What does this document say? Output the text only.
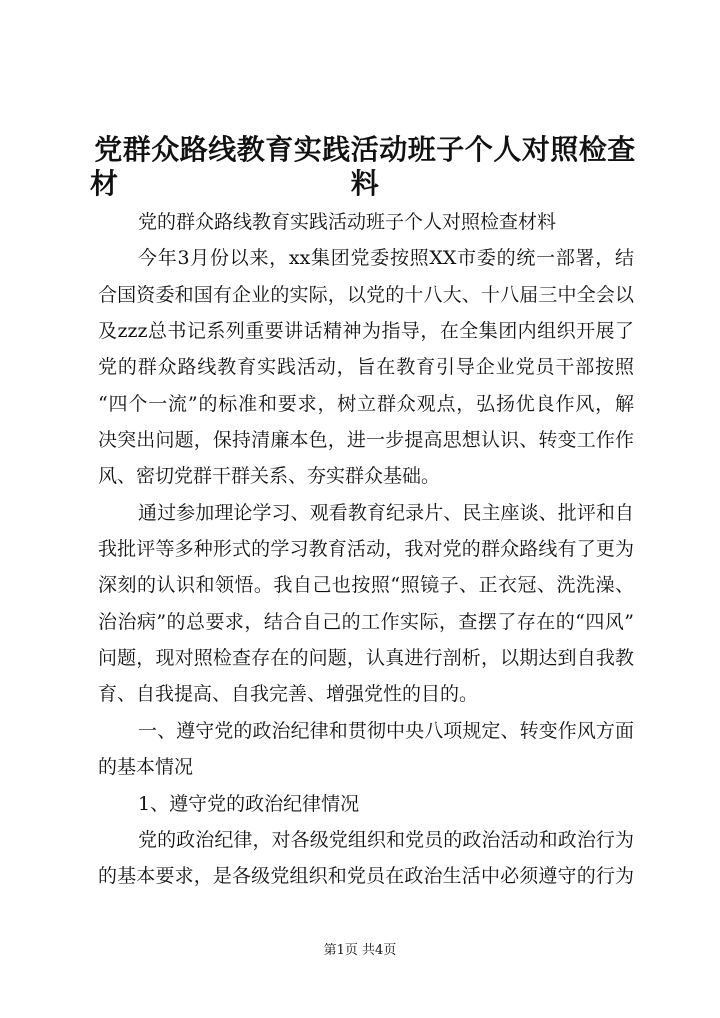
党群众路线教育实践活动班子个人对照检查材	料
党的群众路线教育实践活动班子个人对照检查材料
今年3月份以来，xx集团党委按照XX市委的统一部署，结
合国资委和国有企业的实际，以党的十八大、十八届三中全会以
及zzz总书记系列重要讲话精神为指导，在全集团内组织开展了
党的群众路线教育实践活动，旨在教育引导企业党员干部按照
“四个一流”的标准和要求，树立群众观点，弘扬优良作风，解
决突出问题，保持清廉本色，进一步提高思想认识、转变工作作
风、密切党群干群关系、夯实群众基础。
通过参加理论学习、观看教育纪录片、民主座谈、批评和自
我批评等多种形式的学习教育活动，我对党的群众路线有了更为
深刻的认识和领悟。我自己也按照“照镜子、正衣冠、洗洗澡、
治治病”的总要求，结合自己的工作实际，查摆了存在的“四风”
问题，现对照检查存在的问题，认真进行剖析，以期达到自我教
育、自我提高、自我完善、增强党性的目的。
一、遵守党的政治纪律和贯彻中央八项规定、转变作风方面
的基本情况
1、遵守党的政治纪律情况
党的政治纪律，对各级党组织和党员的政治活动和政治行为
的基本要求，是各级党组织和党员在政治生活中必须遵守的行为
第1页 共4页
